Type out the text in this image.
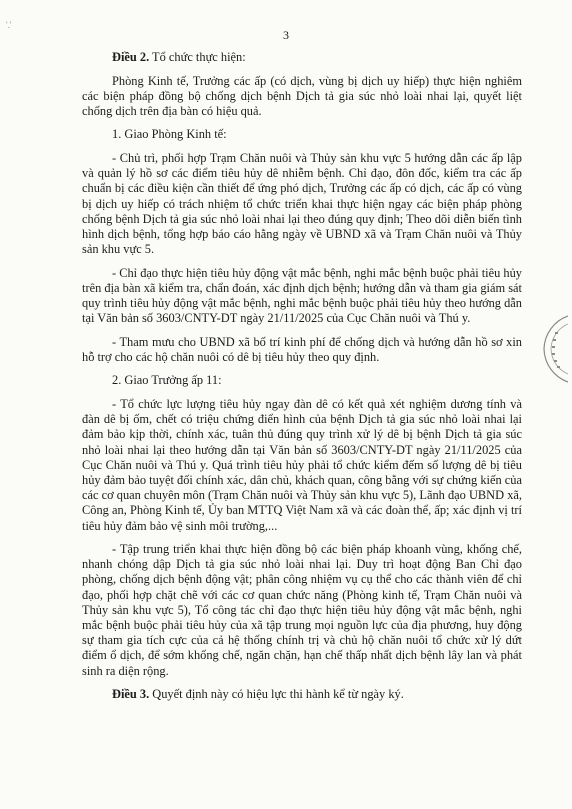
'.'
3

Điều 2. Tổ chức thực hiện:

Phòng Kinh tế, Trưởng các ấp (có dịch, vùng bị dịch uy hiếp) thực hiện nghiêm các biện pháp đồng bộ chống dịch bệnh Dịch tả gia súc nhỏ loài nhai lại, quyết liệt chống dịch trên địa bàn có hiệu quả.

1. Giao Phòng Kinh tế:

- Chủ trì, phối hợp Trạm Chăn nuôi và Thủy sản khu vực 5 hướng dẫn các ấp lập và quản lý hồ sơ các điểm tiêu hủy dê nhiễm bệnh. Chỉ đạo, đôn đốc, kiểm tra các ấp chuẩn bị các điều kiện cần thiết để ứng phó dịch, Trưởng các ấp có dịch, các ấp có vùng bị dịch uy hiếp có trách nhiệm tổ chức triển khai thực hiện ngay các biện pháp phòng chống bệnh Dịch tả gia súc nhỏ loài nhai lại theo đúng quy định; Theo dõi diễn biến tình hình dịch bệnh, tổng hợp báo cáo hằng ngày về UBND xã và Trạm Chăn nuôi và Thủy sản khu vực 5.

- Chỉ đạo thực hiện tiêu hủy động vật mắc bệnh, nghi mắc bệnh buộc phải tiêu hủy trên địa bàn xã kiểm tra, chẩn đoán, xác định dịch bệnh; hướng dẫn và tham gia giám sát quy trình tiêu hủy động vật mắc bệnh, nghi mắc bệnh buộc phải tiêu hủy theo hướng dẫn tại Văn bản số 3603/CNTY-DT ngày 21/11/2025 của Cục Chăn nuôi và Thú y.

- Tham mưu cho UBND xã bố trí kinh phí để chống dịch và hướng dẫn hồ sơ xin hỗ trợ cho các hộ chăn nuôi có dê bị tiêu hủy theo quy định.

2. Giao Trưởng ấp 11:

- Tổ chức lực lượng tiêu hủy ngay đàn dê có kết quả xét nghiệm dương tính và đàn dê bị ốm, chết có triệu chứng điển hình của bệnh Dịch tả gia súc nhỏ loài nhai lại đảm bảo kịp thời, chính xác, tuân thủ đúng quy trình xử lý dê bị bệnh Dịch tả gia súc nhỏ loài nhai lại theo hướng dẫn tại Văn bản số 3603/CNTY-DT ngày 21/11/2025 của Cục Chăn nuôi và Thú y. Quá trình tiêu hủy phải tổ chức kiểm đếm số lượng dê bị tiêu hủy đảm bảo tuyệt đối chính xác, dân chủ, khách quan, công bằng với sự chứng kiến của các cơ quan chuyên môn (Trạm Chăn nuôi và Thủy sản khu vực 5), Lãnh đạo UBND xã, Công an, Phòng Kinh tế, Ủy ban MTTQ Việt Nam xã và các đoàn thể, ấp; xác định vị trí tiêu hủy đảm bảo vệ sinh môi trường,...

- Tập trung triển khai thực hiện đồng bộ các biện pháp khoanh vùng, khống chế, nhanh chóng dập Dịch tả gia súc nhỏ loài nhai lại. Duy trì hoạt động Ban Chỉ đạo phòng, chống dịch bệnh động vật; phân công nhiệm vụ cụ thể cho các thành viên để chỉ đạo, phối hợp chặt chẽ với các cơ quan chức năng (Phòng kinh tế, Trạm Chăn nuôi và Thủy sản khu vực 5), Tổ công tác chỉ đạo thực hiện tiêu hủy động vật mắc bệnh, nghi mắc bệnh buộc phải tiêu hủy của xã tập trung mọi nguồn lực của địa phương, huy động sự tham gia tích cực của cả hệ thống chính trị và chủ hộ chăn nuôi tổ chức xử lý dứt điểm ổ dịch, để sớm khống chế, ngăn chặn, hạn chế thấp nhất dịch bệnh lây lan và phát sinh ra diện rộng.

Điều 3. Quyết định này có hiệu lực thi hành kể từ ngày ký.
